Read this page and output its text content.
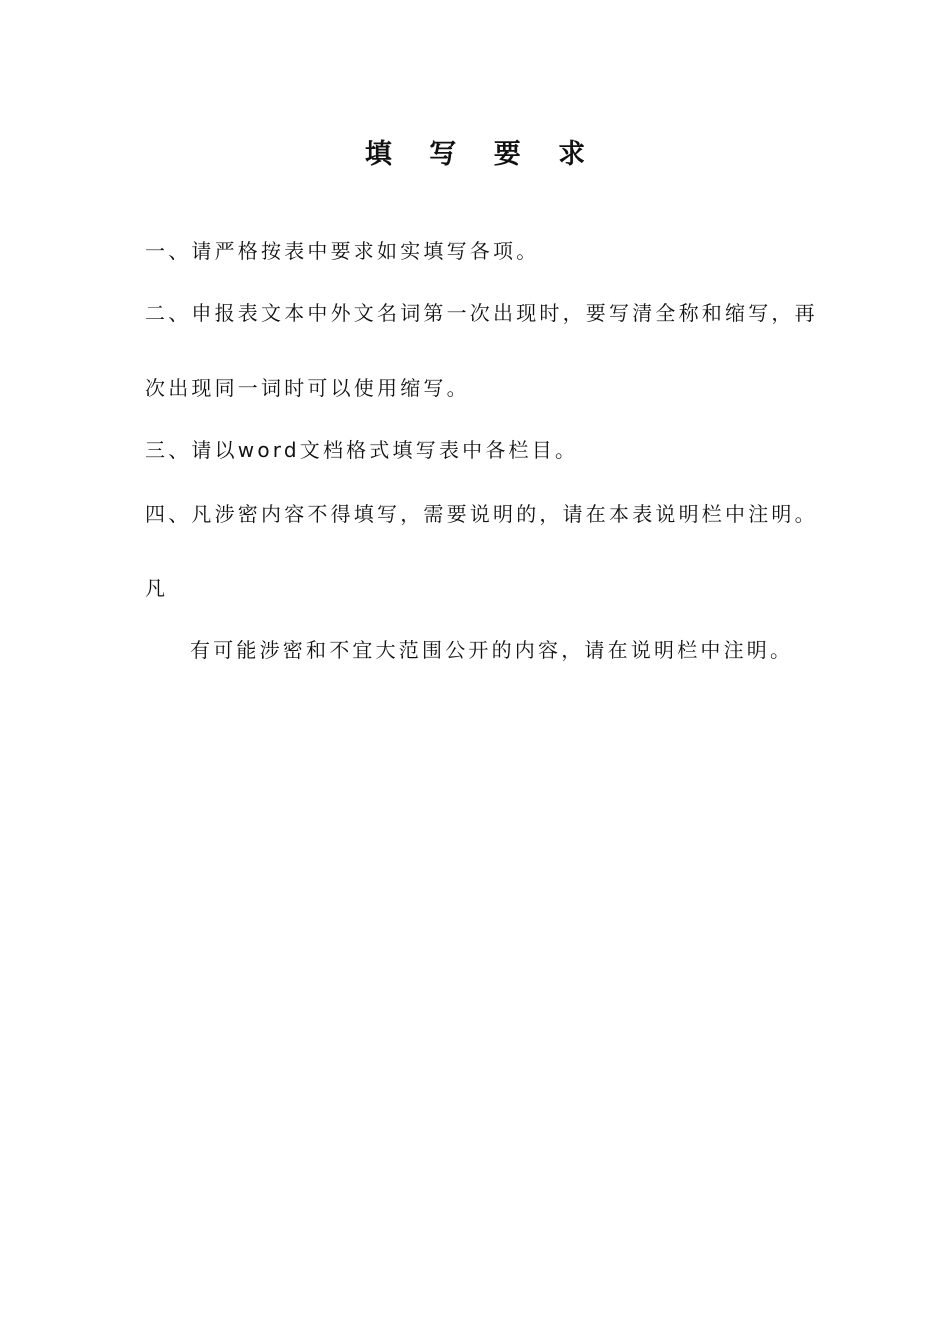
填 写 要 求
一、请严格按表中要求如实填写各项。
二、申报表文本中外文名词第一次出现时，要写清全称和缩写，再
次出现同一词时可以使用缩写。
三、请以word文档格式填写表中各栏目。
四、凡涉密内容不得填写，需要说明的，请在本表说明栏中注明。
凡
有可能涉密和不宜大范围公开的内容，请在说明栏中注明。
